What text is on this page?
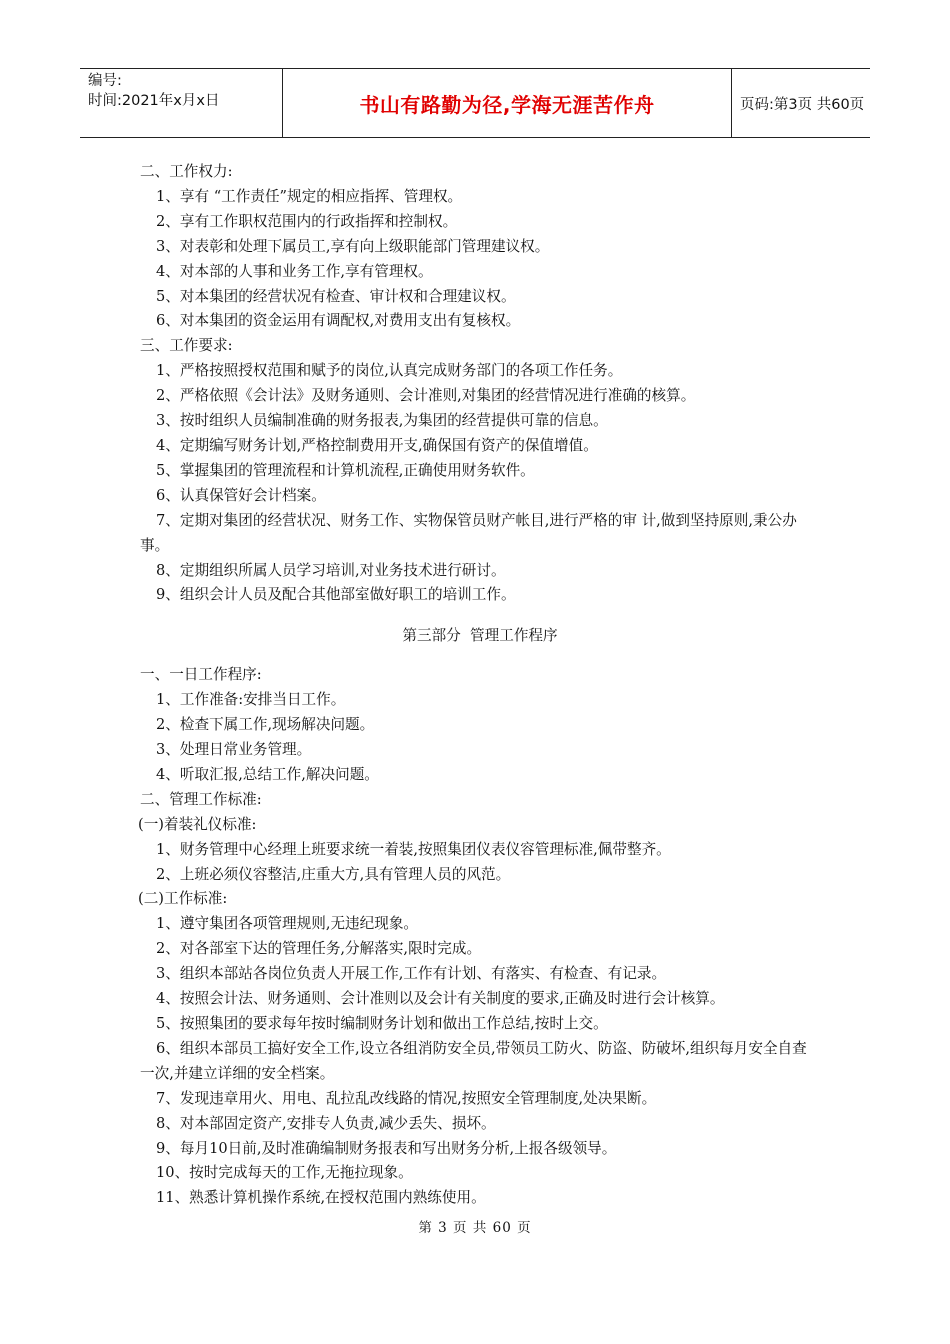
编号:
时间:2021年x月x日	书山有路勤为径,学海无涯苦作舟	页码:第3页 共60页
二、工作权力:
1、享有 “工作责任”规定的相应指挥、管理权。
2、享有工作职权范围内的行政指挥和控制权。
3、对表彰和处理下属员工,享有向上级职能部门管理建议权。
4、对本部的人事和业务工作,享有管理权。
5、对本集团的经营状况有检查、审计权和合理建议权。
6、对本集团的资金运用有调配权,对费用支出有复核权。
三、工作要求:
1、严格按照授权范围和赋予的岗位,认真完成财务部门的各项工作任务。
2、严格依照《会计法》及财务通则、会计准则,对集团的经营情况进行准确的核算。
3、按时组织人员编制准确的财务报表,为集团的经营提供可靠的信息。
4、定期编写财务计划,严格控制费用开支,确保国有资产的保值增值。
5、掌握集团的管理流程和计算机流程,正确使用财务软件。
6、认真保管好会计档案。
7、定期对集团的经营状况、财务工作、实物保管员财产帐目,进行严格的审 计,做到坚持原则,秉公办事。
8、定期组织所属人员学习培训,对业务技术进行研讨。
9、组织会计人员及配合其他部室做好职工的培训工作。
第三部分  管理工作程序
一、一日工作程序:
1、工作准备:安排当日工作。
2、检查下属工作,现场解决问题。
3、处理日常业务管理。
4、听取汇报,总结工作,解决问题。
二、管理工作标准:
(一)着装礼仪标准:
1、财务管理中心经理上班要求统一着装,按照集团仪表仪容管理标准,佩带整齐。
2、上班必须仪容整洁,庄重大方,具有管理人员的风范。
(二)工作标准:
1、遵守集团各项管理规则,无违纪现象。
2、对各部室下达的管理任务,分解落实,限时完成。
3、组织本部站各岗位负责人开展工作,工作有计划、有落实、有检查、有记录。
4、按照会计法、财务通则、会计准则以及会计有关制度的要求,正确及时进行会计核算。
5、按照集团的要求每年按时编制财务计划和做出工作总结,按时上交。
6、组织本部员工搞好安全工作,设立各组消防安全员,带领员工防火、防盗、防破坏,组织每月安全自查一次,并建立详细的安全档案。
7、发现违章用火、用电、乱拉乱改线路的情况,按照安全管理制度,处决果断。
8、对本部固定资产,安排专人负责,减少丢失、损坏。
9、每月10日前,及时准确编制财务报表和写出财务分析,上报各级领导。
10、按时完成每天的工作,无拖拉现象。
11、熟悉计算机操作系统,在授权范围内熟练使用。
第 3 页 共 60 页
